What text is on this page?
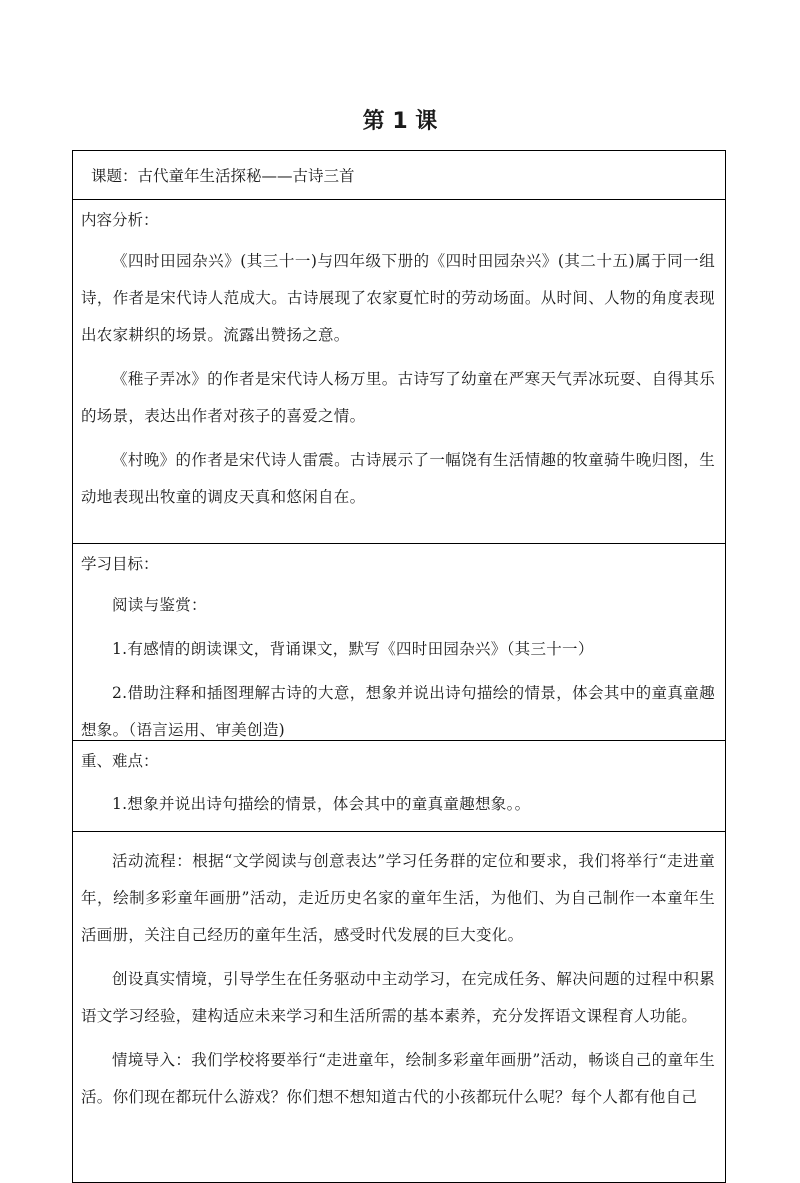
第 1 课
课题：古代童年生活探秘——古诗三首
内容分析：
《四时田园杂兴》(其三十一)与四年级下册的《四时田园杂兴》(其二十五)属于同一组诗，作者是宋代诗人范成大。古诗展现了农家夏忙时的劳动场面。从时间、人物的角度表现出农家耕织的场景。流露出赞扬之意。
《稚子弄冰》的作者是宋代诗人杨万里。古诗写了幼童在严寒天气弄冰玩耍、自得其乐的场景，表达出作者对孩子的喜爱之情。
《村晚》的作者是宋代诗人雷震。古诗展示了一幅饶有生活情趣的牧童骑牛晚归图，生动地表现出牧童的调皮天真和悠闲自在。
学习目标：
阅读与鉴赏：
1.有感情的朗读课文，背诵课文，默写《四时田园杂兴》（其三十一）
2.借助注释和插图理解古诗的大意，想象并说出诗句描绘的情景，体会其中的童真童趣想象。（语言运用、审美创造)
重、难点：
1.想象并说出诗句描绘的情景，体会其中的童真童趣想象。。
活动流程：根据“文学阅读与创意表达”学习任务群的定位和要求，我们将举行“走进童年，绘制多彩童年画册”活动，走近历史名家的童年生活，为他们、为自己制作一本童年生活画册，关注自己经历的童年生活，感受时代发展的巨大变化。
创设真实情境，引导学生在任务驱动中主动学习，在完成任务、解决问题的过程中积累语文学习经验，建构适应未来学习和生活所需的基本素养，充分发挥语文课程育人功能。
情境导入：我们学校将要举行“走进童年，绘制多彩童年画册”活动，畅谈自己的童年生活。你们现在都玩什么游戏？你们想不想知道古代的小孩都玩什么呢？每个人都有他自己
